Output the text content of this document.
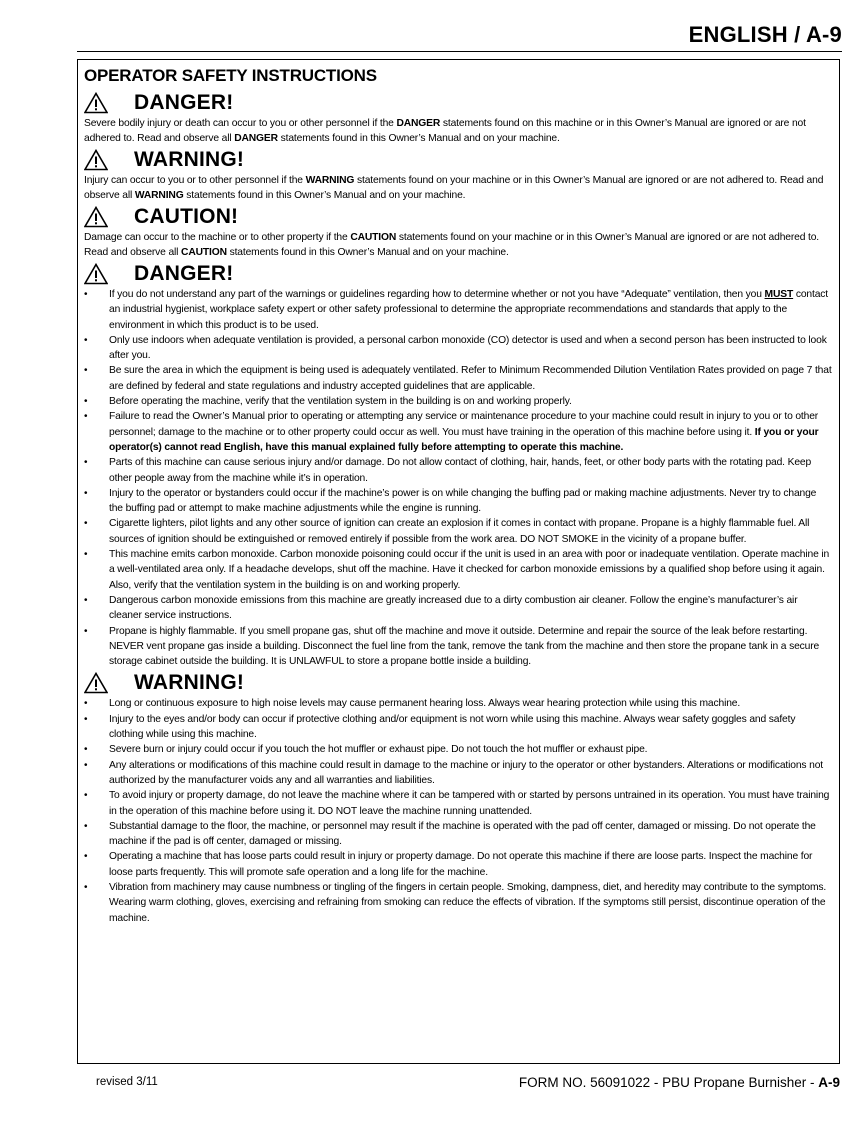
ENGLISH / A-9
OPERATOR SAFETY INSTRUCTIONS
DANGER!

Severe bodily injury or death can occur to you or other personnel if the DANGER statements found on this machine or in this Owner’s Manual are ignored or are not adhered to. Read and observe all DANGER statements found in this Owner’s Manual and on your machine.

WARNING!

Injury can occur to you or to other personnel if the WARNING statements found on your machine or in this Owner’s Manual are ignored or are not adhered to. Read and observe all WARNING statements found in this Owner’s Manual and on your machine.

CAUTION!

Damage can occur to the machine or to other property if the CAUTION statements found on your machine or in this Owner’s Manual are ignored or are not adhered to. Read and observe all CAUTION statements found in this Owner’s Manual and on your machine.

DANGER!
• If you do not understand any part of the warnings or guidelines regarding how to determine whether or not you have “Adequate” ventilation, then you MUST contact an industrial hygienist, workplace safety expert or other safety professional to determine the appropriate recommendations and standards that apply to the environment in which this product is to be used.
• Only use indoors when adequate ventilation is provided, a personal carbon monoxide (CO) detector is used and when a second person has been instructed to look after you.
• Be sure the area in which the equipment is being used is adequately ventilated. Refer to Minimum Recommended Dilution Ventilation Rates provided on page 7 that are defined by federal and state regulations and industry accepted guidelines that are applicable.
• Before operating the machine, verify that the ventilation system in the building is on and working properly.
• Failure to read the Owner’s Manual prior to operating or attempting any service or maintenance procedure to your machine could result in injury to you or to other personnel; damage to the machine or to other property could occur as well. You must have training in the operation of this machine before using it. If you or your operator(s) cannot read English, have this manual explained fully before attempting to operate this machine.
• Parts of this machine can cause serious injury and/or damage. Do not allow contact of clothing, hair, hands, feet, or other body parts with the rotating pad. Keep other people away from the machine while it’s in operation.
• Injury to the operator or bystanders could occur if the machine’s power is on while changing the buffing pad or making machine adjustments. Never try to change the buffing pad or attempt to make machine adjustments while the engine is running.
• Cigarette lighters, pilot lights and any other source of ignition can create an explosion if it comes in contact with propane. Propane is a highly flammable fuel. All sources of ignition should be extinguished or removed entirely if possible from the work area. DO NOT SMOKE in the vicinity of a propane buffer.
• This machine emits carbon monoxide. Carbon monoxide poisoning could occur if the unit is used in an area with poor or inadequate ventilation. Operate machine in a well-ventilated area only. If a headache develops, shut off the machine. Have it checked for carbon monoxide emissions by a qualified shop before using it again. Also, verify that the ventilation system in the building is on and working properly.
• Dangerous carbon monoxide emissions from this machine are greatly increased due to a dirty combustion air cleaner. Follow the engine’s manufacturer’s air cleaner service instructions.
• Propane is highly flammable. If you smell propane gas, shut off the machine and move it outside. Determine and repair the source of the leak before restarting. NEVER vent propane gas inside a building. Disconnect the fuel line from the tank, remove the tank from the machine and then store the propane tank in a secure storage cabinet outside the building. It is UNLAWFUL to store a propane bottle inside a building.
WARNING!
• Long or continuous exposure to high noise levels may cause permanent hearing loss. Always wear hearing protection while using this machine.
• Injury to the eyes and/or body can occur if protective clothing and/or equipment is not worn while using this machine. Always wear safety goggles and safety clothing while using this machine.
• Severe burn or injury could occur if you touch the hot muffler or exhaust pipe. Do not touch the hot muffler or exhaust pipe.
• Any alterations or modifications of this machine could result in damage to the machine or injury to the operator or other bystanders. Alterations or modifications not authorized by the manufacturer voids any and all warranties and liabilities.
• To avoid injury or property damage, do not leave the machine where it can be tampered with or started by persons untrained in its operation. You must have training in the operation of this machine before using it. DO NOT leave the machine running unattended.
• Substantial damage to the floor, the machine, or personnel may result if the machine is operated with the pad off center, damaged or missing. Do not operate the machine if the pad is off center, damaged or missing.
• Operating a machine that has loose parts could result in injury or property damage. Do not operate this machine if there are loose parts. Inspect the machine for loose parts frequently. This will promote safe operation and a long life for the machine.
• Vibration from machinery may cause numbness or tingling of the fingers in certain people. Smoking, dampness, diet, and heredity may contribute to the symptoms. Wearing warm clothing, gloves, exercising and refraining from smoking can reduce the effects of vibration. If the symptoms still persist, discontinue operation of the machine.
revised 3/11	FORM NO. 56091022 - PBU Propane Burnisher - A-9
